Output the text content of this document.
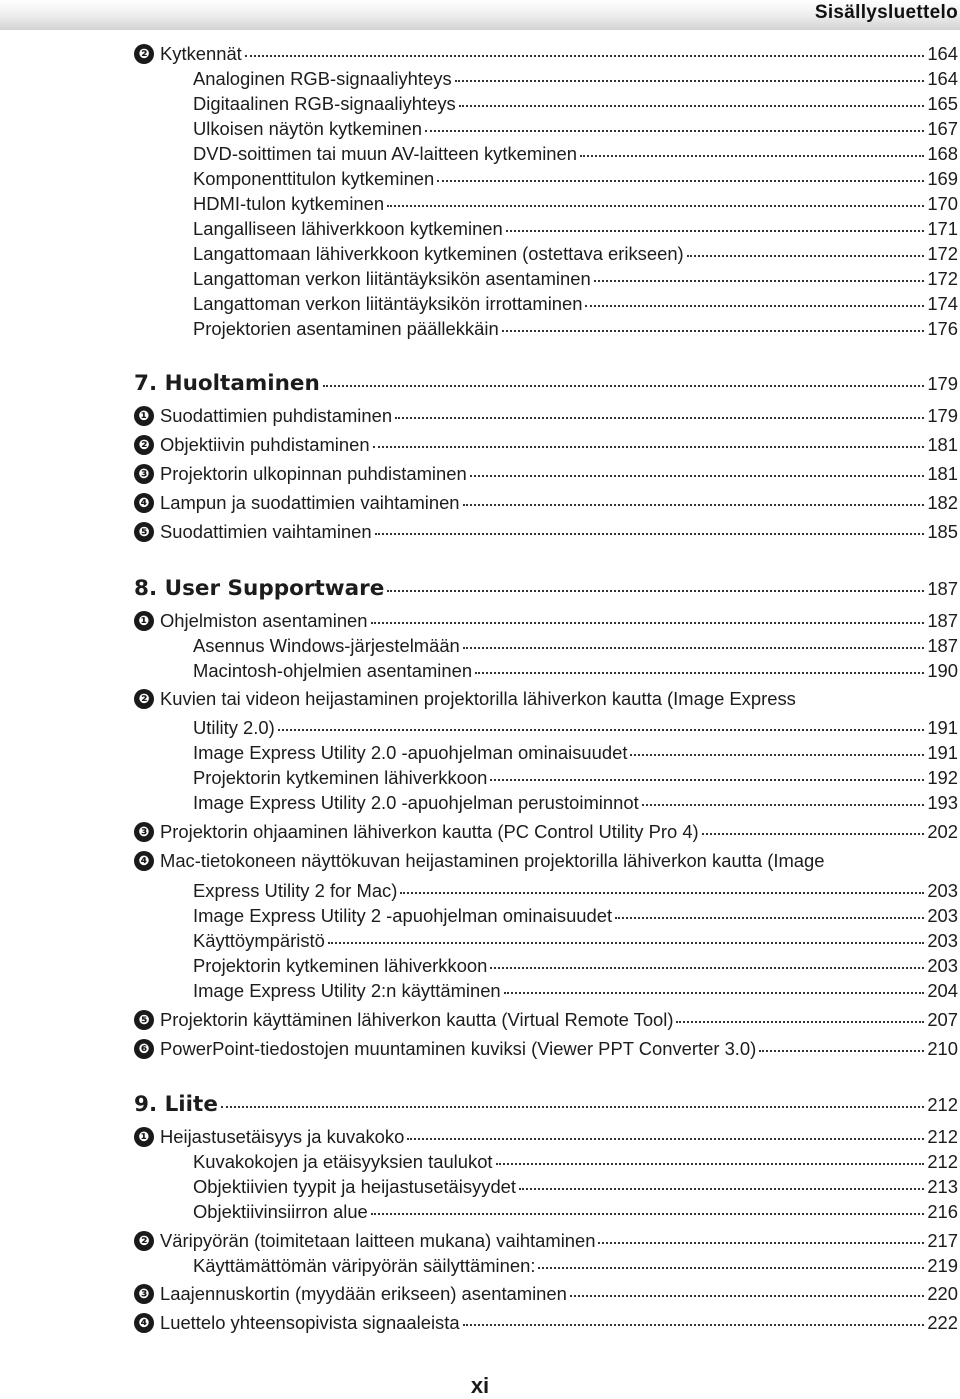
Sisällysluettelo
❷ Kytkennät	164
Analoginen RGB-signaaliyhteys	164
Digitaalinen RGB-signaaliyhteys	165
Ulkoisen näytön kytkeminen	167
DVD-soittimen tai muun AV-laitteen kytkeminen	168
Komponenttitulon kytkeminen	169
HDMI-tulon kytkeminen	170
Langalliseen lähiverkkoon kytkeminen	171
Langattomaan lähiverkkoon kytkeminen (ostettava erikseen)	172
Langattoman verkon liitäntäyksikön asentaminen	172
Langattoman verkon liitäntäyksikön irrottaminen	174
Projektorien asentaminen päällekkäin	176
7. Huoltaminen	179
❶ Suodattimien puhdistaminen	179
❷ Objektiivin puhdistaminen	181
❸ Projektorin ulkopinnan puhdistaminen	181
❹ Lampun ja suodattimien vaihtaminen	182
❺ Suodattimien vaihtaminen	185
8. User Supportware	187
❶ Ohjelmiston asentaminen	187
Asennus Windows-järjestelmään	187
Macintosh-ohjelmien asentaminen	190
❷ Kuvien tai videon heijastaminen projektorilla lähiverkon kautta (Image Express
Utility 2.0)	191
Image Express Utility 2.0 -apuohjelman ominaisuudet	191
Projektorin kytkeminen lähiverkkoon	192
Image Express Utility 2.0 -apuohjelman perustoiminnot	193
❸ Projektorin ohjaaminen lähiverkon kautta (PC Control Utility Pro 4)	202
❹ Mac-tietokoneen näyttökuvan heijastaminen projektorilla lähiverkon kautta (Image
Express Utility 2 for Mac)	203
Image Express Utility 2 -apuohjelman ominaisuudet	203
Käyttöympäristö	203
Projektorin kytkeminen lähiverkkoon	203
Image Express Utility 2:n käyttäminen	204
❺ Projektorin käyttäminen lähiverkon kautta (Virtual Remote Tool)	207
❻ PowerPoint-tiedostojen muuntaminen kuviksi (Viewer PPT Converter 3.0)	210
9. Liite	212
❶ Heijastusetäisyys ja kuvakoko	212
Kuvakokojen ja etäisyyksien taulukot	212
Objektiivien tyypit ja heijastusetäisyydet	213
Objektiivinsiirron alue	216
❷ Väripyörän (toimitetaan laitteen mukana) vaihtaminen	217
Käyttämättömän väripyörän säilyttäminen:	219
❸ Laajennuskortin (myydään erikseen) asentaminen	220
❹ Luettelo yhteensopivista signaaleista	222
xi
